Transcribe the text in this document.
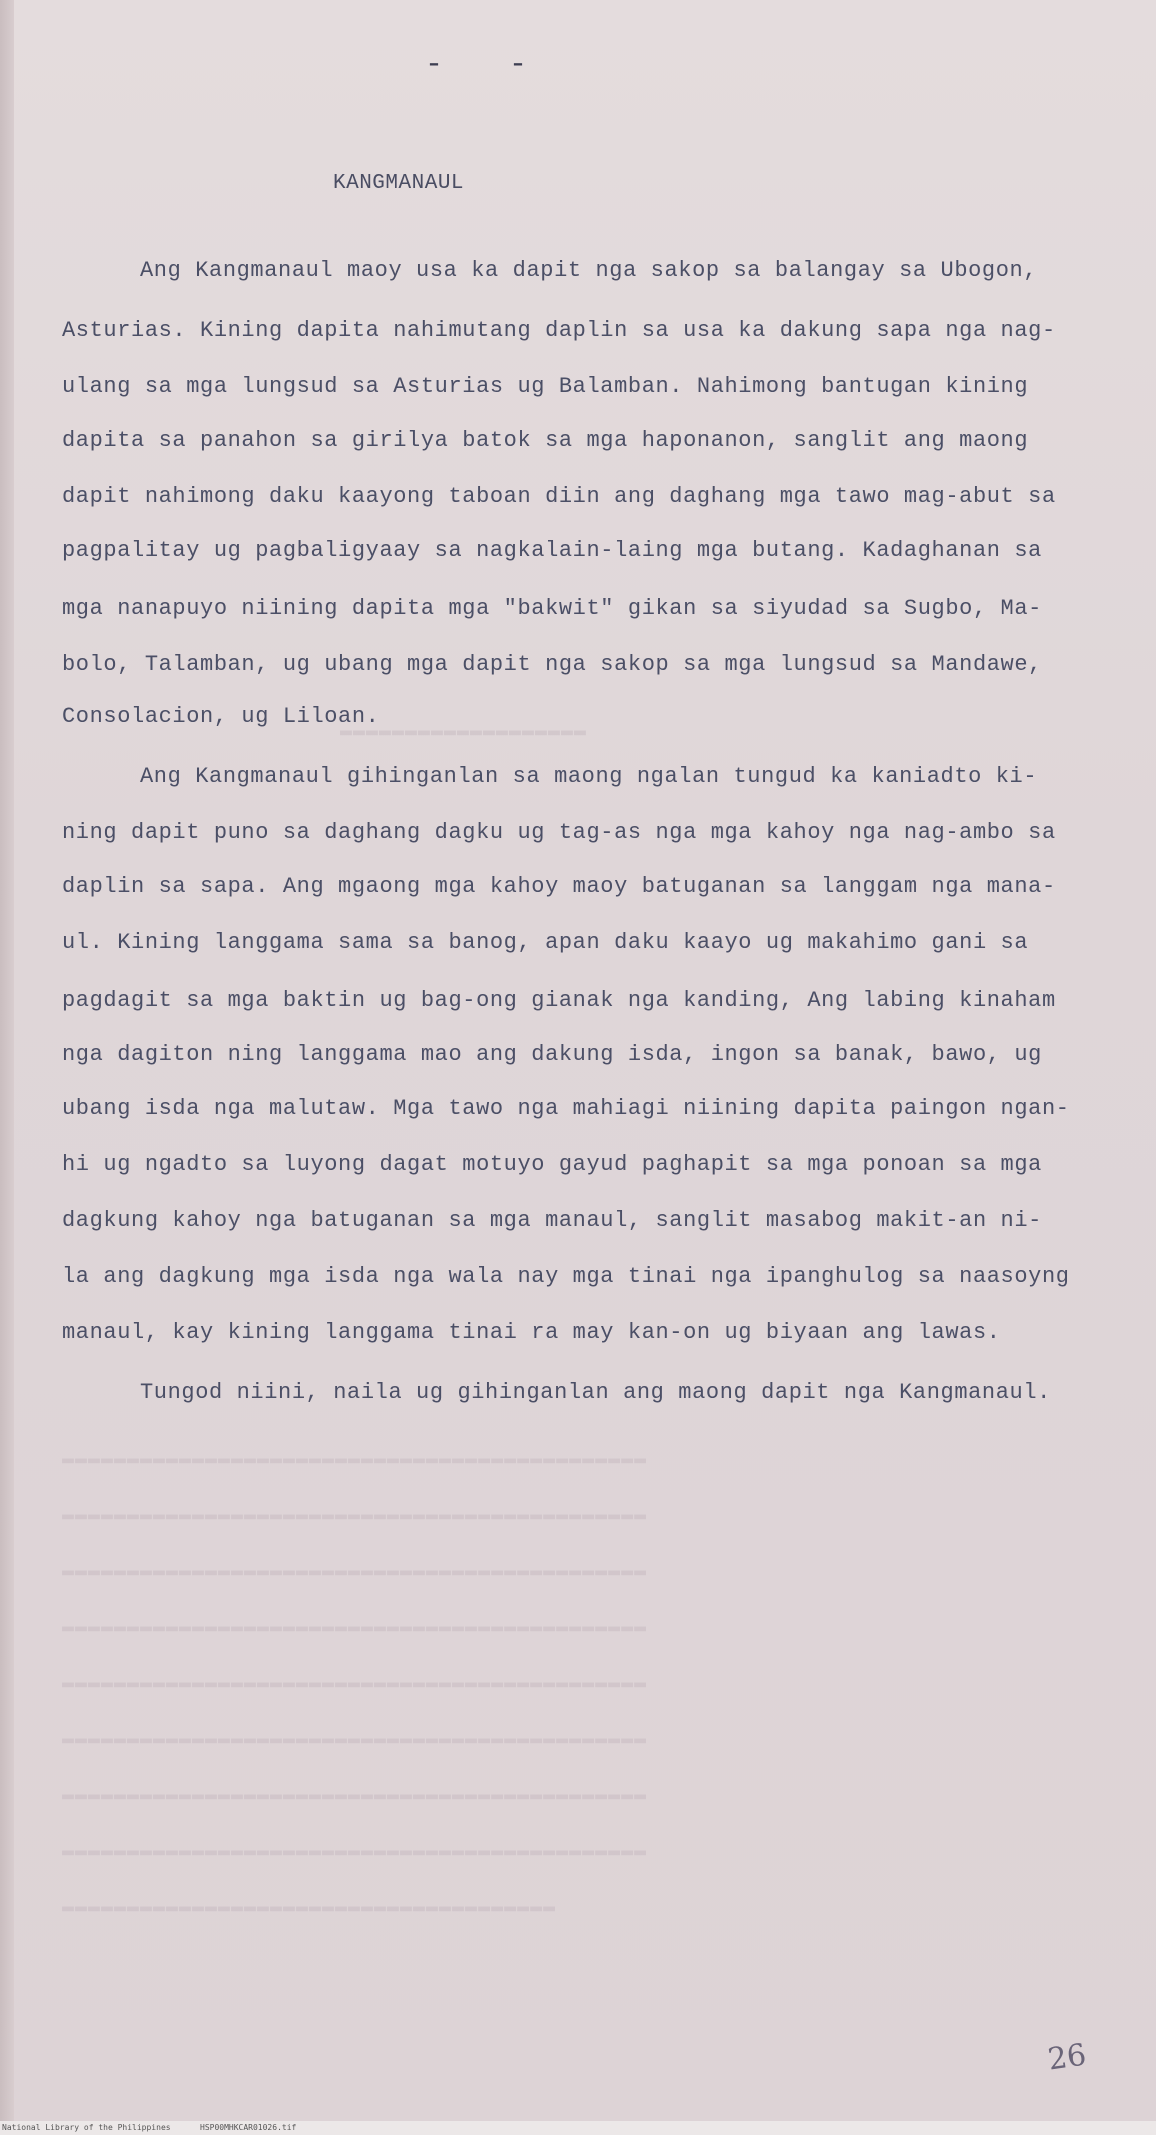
- -
KANGMANAUL
Ang Kangmanaul maoy usa ka dapit nga sakop sa balangay sa Ubogon,
Asturias. Kining dapita nahimutang daplin sa usa ka dakung sapa nga nag-
ulang sa mga lungsud sa Asturias ug Balamban. Nahimong bantugan kining
dapita sa panahon sa girilya batok sa mga haponanon, sanglit ang maong
dapit nahimong daku kaayong taboan diin ang daghang mga tawo mag-abut sa
pagpalitay ug pagbaligyaay sa nagkalain-laing mga butang. Kadaghanan sa
mga nanapuyo niining dapita mga "bakwit" gikan sa siyudad sa Sugbo, Ma-
bolo, Talamban, ug ubang mga dapit nga sakop sa mga lungsud sa Mandawe,
Consolacion, ug Liloan.
Ang Kangmanaul gihinganlan sa maong ngalan tungud ka kaniadto ki-
ning dapit puno sa daghang dagku ug tag-as nga mga kahoy nga nag-ambo sa
daplin sa sapa. Ang mgaong mga kahoy maoy batuganan sa langgam nga mana-
ul. Kining langgama sama sa banog, apan daku kaayo ug makahimo gani sa
pagdagit sa mga baktin ug bag-ong gianak nga kanding, Ang labing kinaham
nga dagiton ning langgama mao ang dakung isda, ingon sa banak, bawo, ug
ubang isda nga malutaw. Mga tawo nga mahiagi niining dapita paingon ngan-
hi ug ngadto sa luyong dagat motuyo gayud paghapit sa mga ponoan sa mga
dagkung kahoy nga batuganan sa mga manaul, sanglit masabog makit-an ni-
la ang dagkung mga isda nga wala nay mga tinai nga ipanghulog sa naasoyng
manaul, kay kining langgama tinai ra may kan-on ug biyaan ang lawas.
Tungod niini, naila ug gihinganlan ang maong dapit nga Kangmanaul.
▬▬▬▬▬▬▬▬▬▬▬▬▬▬▬▬▬▬▬
▬▬▬▬▬▬▬▬▬▬▬▬▬▬▬▬▬▬▬▬▬▬▬▬▬▬▬▬▬▬▬▬▬▬▬▬▬▬▬▬▬▬▬▬▬
▬▬▬▬▬▬▬▬▬▬▬▬▬▬▬▬▬▬▬▬▬▬▬▬▬▬▬▬▬▬▬▬▬▬▬▬▬▬▬▬▬▬▬▬▬
▬▬▬▬▬▬▬▬▬▬▬▬▬▬▬▬▬▬▬▬▬▬▬▬▬▬▬▬▬▬▬▬▬▬▬▬▬▬▬▬▬▬▬▬▬
▬▬▬▬▬▬▬▬▬▬▬▬▬▬▬▬▬▬▬▬▬▬▬▬▬▬▬▬▬▬▬▬▬▬▬▬▬▬▬▬▬▬▬▬▬
▬▬▬▬▬▬▬▬▬▬▬▬▬▬▬▬▬▬▬▬▬▬▬▬▬▬▬▬▬▬▬▬▬▬▬▬▬▬▬▬▬▬▬▬▬
▬▬▬▬▬▬▬▬▬▬▬▬▬▬▬▬▬▬▬▬▬▬▬▬▬▬▬▬▬▬▬▬▬▬▬▬▬▬▬▬▬▬▬▬▬
▬▬▬▬▬▬▬▬▬▬▬▬▬▬▬▬▬▬▬▬▬▬▬▬▬▬▬▬▬▬▬▬▬▬▬▬▬▬▬▬▬▬▬▬▬
▬▬▬▬▬▬▬▬▬▬▬▬▬▬▬▬▬▬▬▬▬▬▬▬▬▬▬▬▬▬▬▬▬▬▬▬▬▬▬▬▬▬▬▬▬
▬▬▬▬▬▬▬▬▬▬▬▬▬▬▬▬▬▬▬▬▬▬▬▬▬▬▬▬▬▬▬▬▬▬▬▬▬▬
26
National Library of the Philippines	HSP00MHKCAR01026.tif
